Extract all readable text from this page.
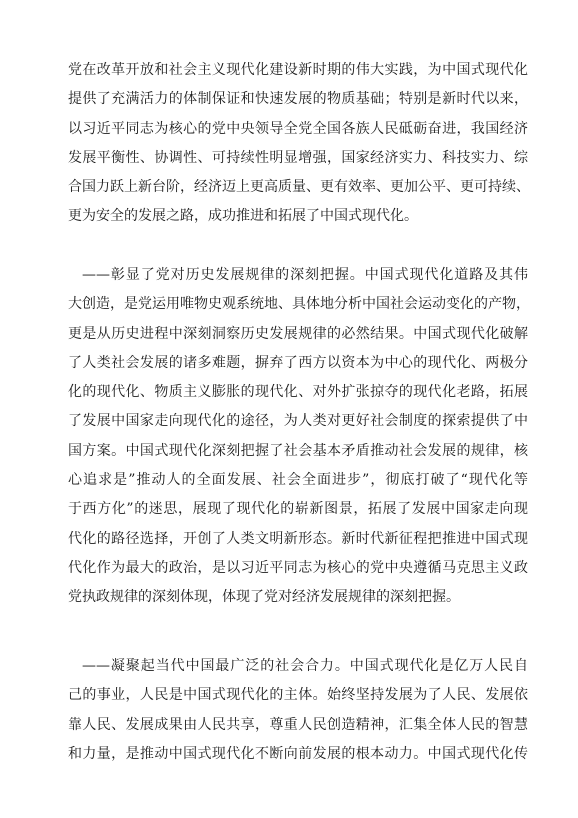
党在改革开放和社会主义现代化建设新时期的伟大实践，为中国式现代化
提供了充满活力的体制保证和快速发展的物质基础；特别是新时代以来，
以习近平同志为核心的党中央领导全党全国各族人民砥砺奋进，我国经济
发展平衡性、协调性、可持续性明显增强，国家经济实力、科技实力、综
合国力跃上新台阶，经济迈上更高质量、更有效率、更加公平、更可持续、
更为安全的发展之路，成功推进和拓展了中国式现代化。
——彰显了党对历史发展规律的深刻把握。中国式现代化道路及其伟
大创造，是党运用唯物史观系统地、具体地分析中国社会运动变化的产物，
更是从历史进程中深刻洞察历史发展规律的必然结果。中国式现代化破解
了人类社会发展的诸多难题，摒弃了西方以资本为中心的现代化、两极分
化的现代化、物质主义膨胀的现代化、对外扩张掠夺的现代化老路，拓展
了发展中国家走向现代化的途径，为人类对更好社会制度的探索提供了中
国方案。中国式现代化深刻把握了社会基本矛盾推动社会发展的规律，核
心追求是”推动人的全面发展、社会全面进步”，彻底打破了“现代化等
于西方化”的迷思，展现了现代化的崭新图景，拓展了发展中国家走向现
代化的路径选择，开创了人类文明新形态。新时代新征程把推进中国式现
代化作为最大的政治，是以习近平同志为核心的党中央遵循马克思主义政
党执政规律的深刻体现，体现了党对经济发展规律的深刻把握。
——凝聚起当代中国最广泛的社会合力。中国式现代化是亿万人民自
己的事业，人民是中国式现代化的主体。始终坚持发展为了人民、发展依
靠人民、发展成果由人民共享，尊重人民创造精神，汇集全体人民的智慧
和力量，是推动中国式现代化不断向前发展的根本动力。中国式现代化传
